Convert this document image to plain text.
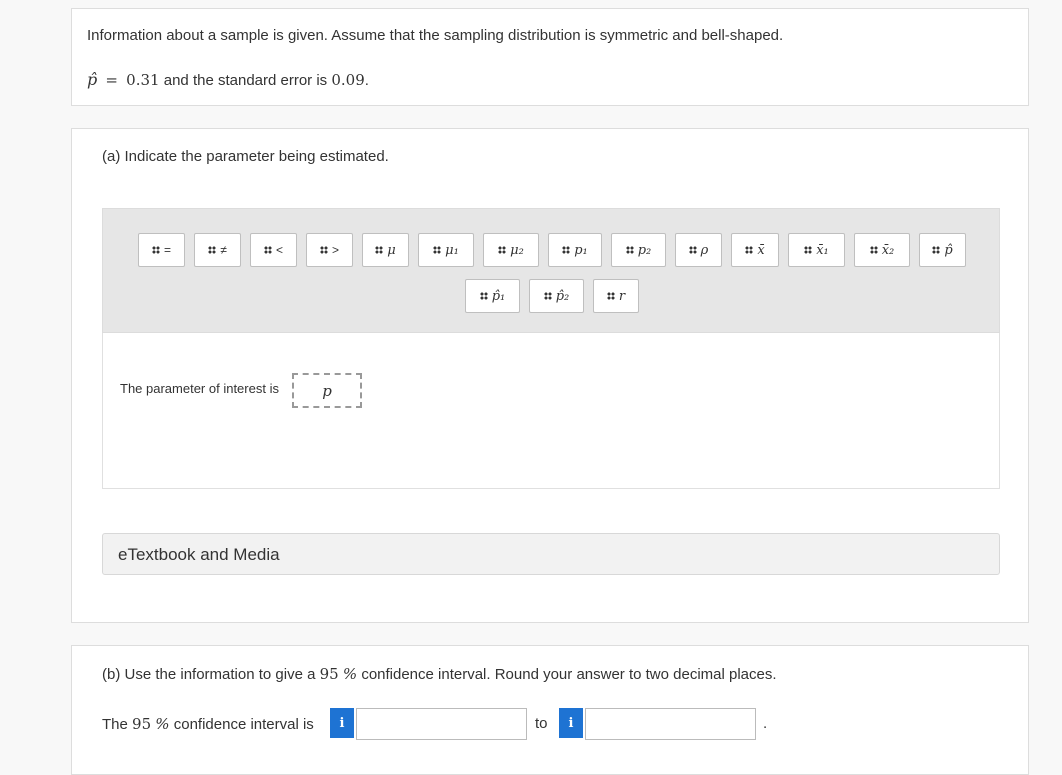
Information about a sample is given. Assume that the sampling distribution is symmetric and bell-shaped.
p̂ = 0.31 and the standard error is 0.09.
(a) Indicate the parameter being estimated.
=	≠	<	>	μ	μ₁	μ₂	p₁	p₂	ρ	x̄	x̄₁	x̄₂	p̂
p̂₁	p̂₂	r
The parameter of interest is	p
eTextbook and Media
(b) Use the information to give a 95 % confidence interval. Round your answer to two decimal places.
The 95 % confidence interval is	i	to	i	.
